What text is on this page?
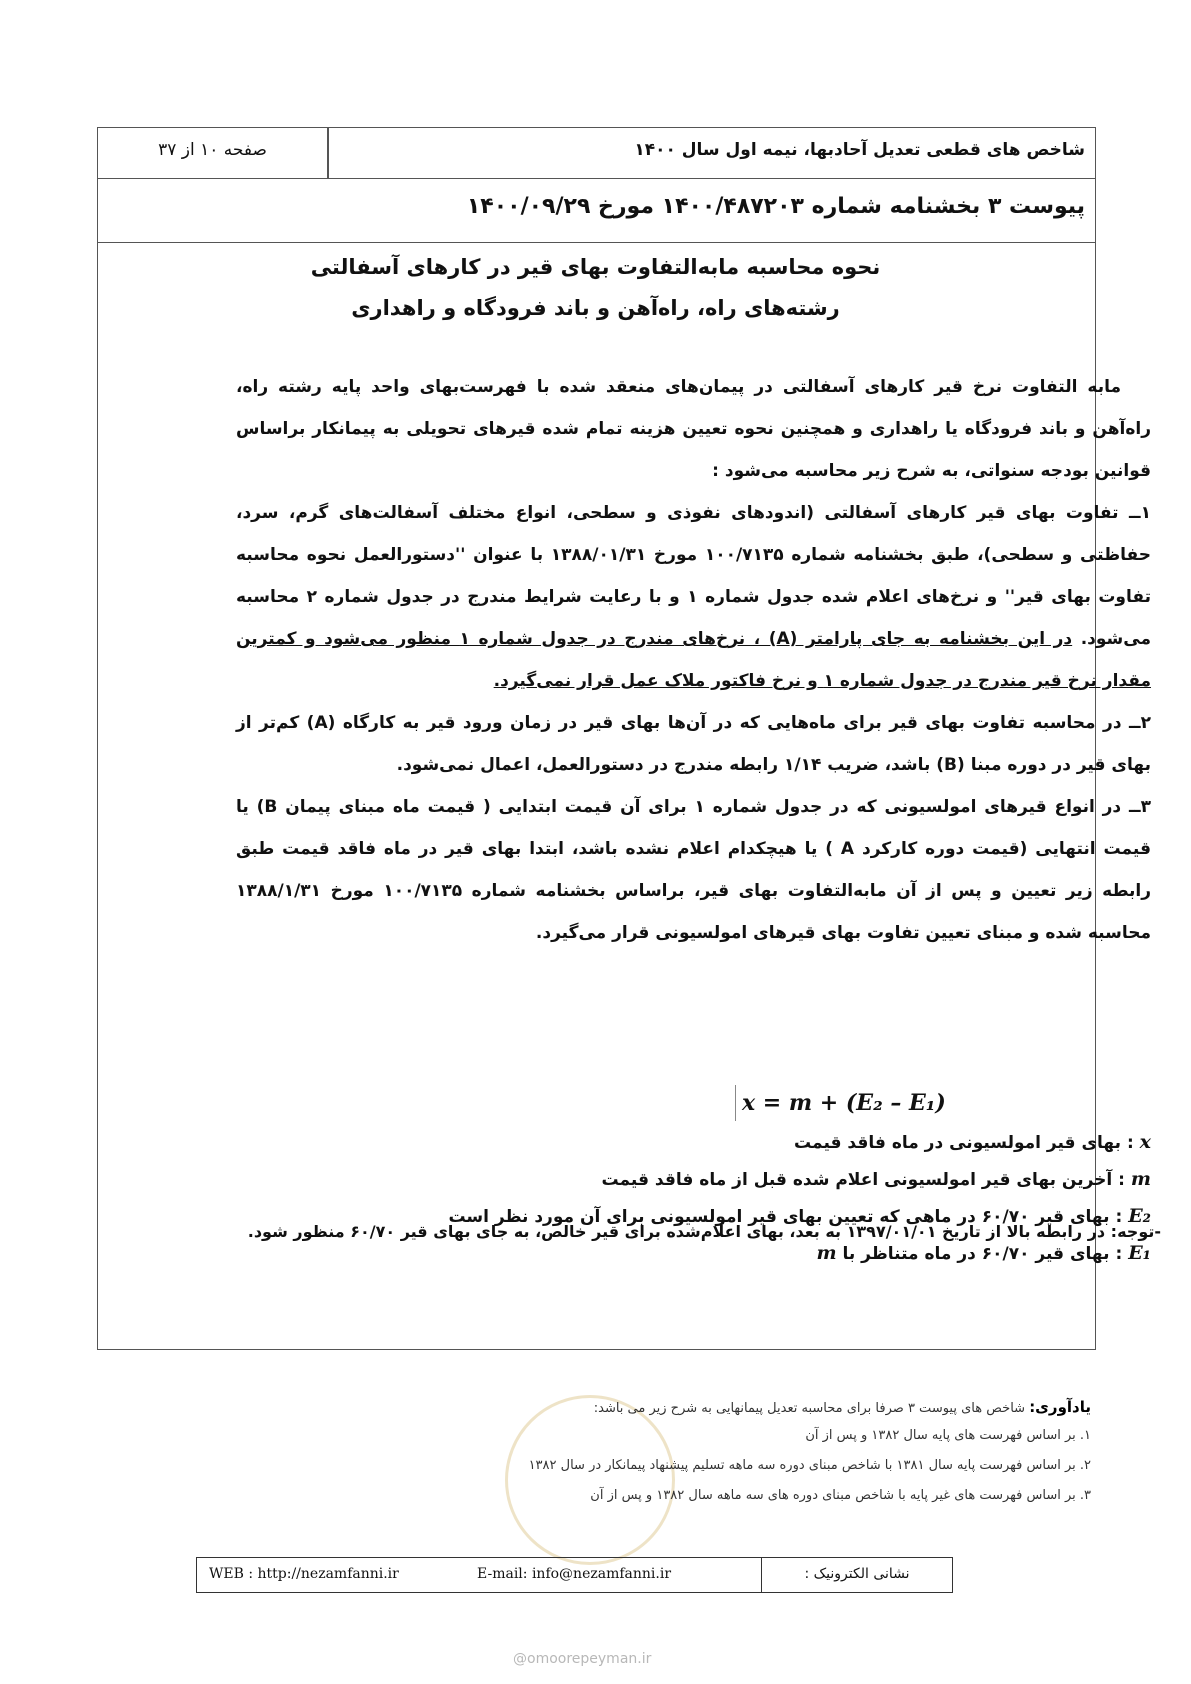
شاخص های قطعی تعدیل آحادبها، نیمه اول سال ۱۴۰۰
صفحه ۱۰ از ۳۷
پیوست ۳ بخشنامه شماره ۱۴۰۰/۴۸۷۲۰۳ مورخ ۱۴۰۰/۰۹/۲۹
نحوه محاسبه مابه‌التفاوت بهای قیر در کارهای آسفالتی
رشته‌های راه، راه‌آهن و باند فرودگاه و راهداری

مابه التفاوت نرخ قیر کارهای آسفالتی در پیمان‌های منعقد شده با فهرست‌بهای واحد پایه رشته راه، راه‌آهن و باند فرودگاه یا راهداری و همچنین نحوه تعیین هزینه تمام شده قیرهای تحویلی به پیمانکار براساس قوانین بودجه سنواتی، به شرح زیر محاسبه می‌شود :

۱ــ تفاوت بهای قیر کارهای آسفالتی (اندودهای نفوذی و سطحی، انواع مختلف آسفالت‌های گرم، سرد، حفاظتی و سطحی)، طبق بخشنامه شماره ۱۰۰/۷۱۳۵ مورخ ۱۳۸۸/۰۱/۳۱ با عنوان ''دستورالعمل نحوه محاسبه تفاوت بهای قیر'' و نرخ‌های اعلام شده جدول شماره ۱ و با رعایت شرایط مندرج در جدول شماره ۲ محاسبه می‌شود. در این بخشنامه به جای پارامتر (A) ، نرخ‌های مندرج در جدول شماره ۱ منظور می‌شود و کمترین مقدار نرخ قیر مندرج در جدول شماره ۱ و نرخ فاکتور ملاک عمل قرار نمی‌گیرد.

۲ــ در محاسبه تفاوت بهای قیر برای ماه‌هایی که در آن‌ها بهای قیر در زمان ورود قیر به کارگاه (A) کم‌تر از بهای قیر در دوره مبنا (B) باشد، ضریب ۱/۱۴ رابطه مندرج در دستورالعمل، اعمال نمی‌شود.

۳ــ در انواع قیرهای امولسیونی که در جدول شماره ۱ برای آن قیمت ابتدایی ( قیمت ماه مبنای پیمان B) یا قیمت انتهایی (قیمت دوره کارکرد A ) یا هیچکدام اعلام نشده باشد، ابتدا بهای قیر در ماه فاقد قیمت طبق رابطه زیر تعیین و پس از آن مابه‌التفاوت بهای قیر، براساس بخشنامه شماره ۱۰۰/۷۱۳۵ مورخ ۱۳۸۸/۱/۳۱ محاسبه شده و مبنای تعیین تفاوت بهای قیرهای امولسیونی قرار می‌گیرد.

x = m + (E₂ – E₁)

x : بهای قیر امولسیونی در ماه فاقد قیمت

m : آخرین بهای قیر امولسیونی اعلام شده قبل از ماه فاقد قیمت

E₂ : بهای قیر ۶۰/۷۰ در ماهی که تعیین بهای قیر امولسیونی برای آن مورد نظر است

E₁ : بهای قیر ۶۰/۷۰ در ماه متناظر با m

-توجه: در رابطه بالا از تاریخ ۱۳۹۷/۰۱/۰۱ به بعد، بهای اعلام‌شده برای قیر خالص، به جای بهای قیر ۶۰/۷۰ منظور شود.
یادآوری: شاخص های پیوست ۳ صرفا برای محاسبه تعدیل پیمانهایی به شرح زیر می باشد:
۱. بر اساس فهرست های پایه سال ۱۳۸۲ و پس از آن
۲. بر اساس فهرست پایه سال ۱۳۸۱ با شاخص مبنای دوره سه ماهه تسلیم پیشنهاد پیمانکار در سال ۱۳۸۲
۳. بر اساس فهرست های غیر پایه با شاخص مبنای دوره های سه ماهه سال ۱۳۸۲ و پس از آن
نشانی الکترونیک :
E-mail: info@nezamfanni.ir
WEB : http://nezamfanni.ir
@omoorepeyman.ir
